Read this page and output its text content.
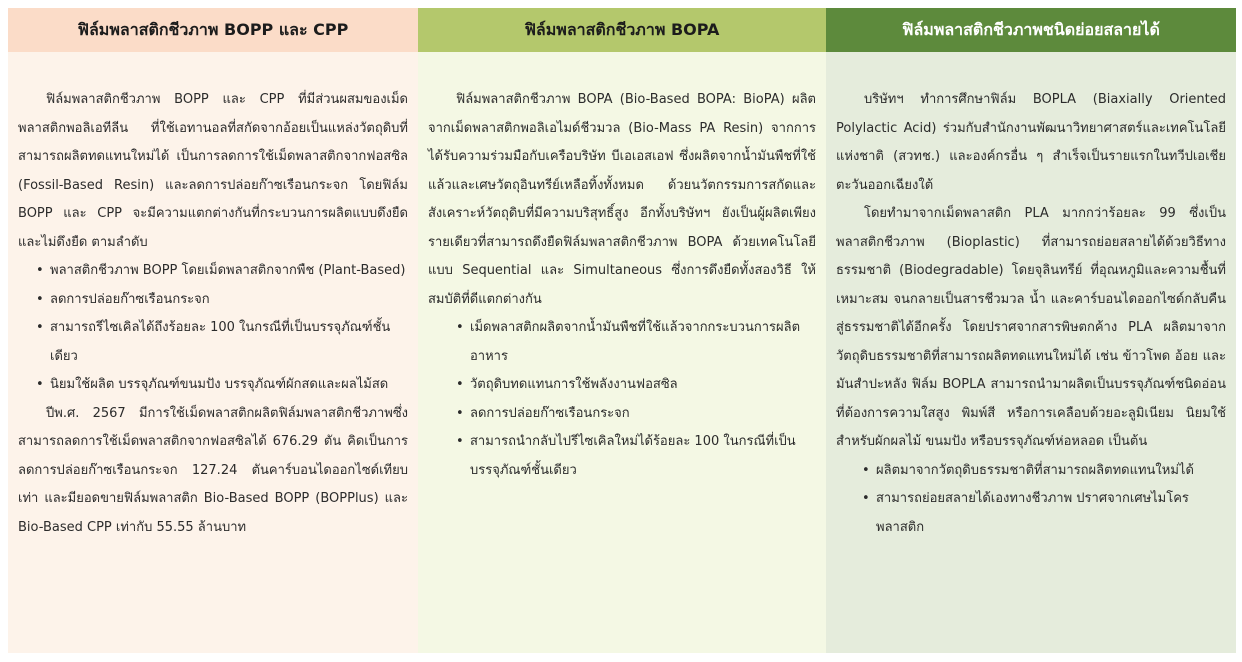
ฟิล์มพลาสติกชีวภาพ BOPP และ CPP

ฟิล์มพลาสติกชีวภาพ BOPP และ CPP ที่มีส่วนผสมของเม็ดพลาสติกพอลิเอทีลีน ที่ใช้เอทานอลที่สกัดจากอ้อยเป็นแหล่งวัตถุดิบที่สามารถผลิตทดแทนใหม่ได้ เป็นการลดการใช้เม็ดพลาสติกจากฟอสซิล (Fossil-Based Resin) และลดการปล่อยก๊าซเรือนกระจก โดยฟิล์ม BOPP และ CPP จะมีความแตกต่างกันที่กระบวนการผลิตแบบดึงยืดและไม่ดึงยืด ตามลำดับ

• พลาสติกชีวภาพ BOPP โดยเม็ดพลาสติกจากพืช (Plant-Based)
• ลดการปล่อยก๊าซเรือนกระจก
• สามารถรีไซเคิลได้ถึงร้อยละ 100 ในกรณีที่เป็นบรรจุภัณฑ์ชั้นเดียว
• นิยมใช้ผลิต บรรจุภัณฑ์ขนมปัง บรรจุภัณฑ์ผักสดและผลไม้สด

ปีพ.ศ. 2567 มีการใช้เม็ดพลาสติกผลิตฟิล์มพลาสติกชีวภาพซึ่งสามารถลดการใช้เม็ดพลาสติกจากฟอสซิลได้ 676.29 ตัน คิดเป็นการลดการปล่อยก๊าซเรือนกระจก 127.24 ตันคาร์บอนไดออกไซด์เทียบเท่า และมียอดขายฟิล์มพลาสติก Bio-Based BOPP (BOPPlus) และ Bio-Based CPP เท่ากับ 55.55 ล้านบาท

ฟิล์มพลาสติกชีวภาพ BOPA

ฟิล์มพลาสติกชีวภาพ BOPA (Bio-Based BOPA: BioPA) ผลิตจากเม็ดพลาสติกพอลิเอไมด์ชีวมวล (Bio-Mass PA Resin) จากการได้รับความร่วมมือกับเครือบริษัท บีเอเอสเอฟ ซึ่งผลิตจากน้ำมันพืชที่ใช้แล้วและเศษวัตถุอินทรีย์เหลือทิ้งทั้งหมด ด้วยนวัตกรรมการสกัดและสังเคราะห์วัตถุดิบที่มีความบริสุทธิ์สูง อีกทั้งบริษัทฯ ยังเป็นผู้ผลิตเพียงรายเดียวที่สามารถดึงยืดฟิล์มพลาสติกชีวภาพ BOPA ด้วยเทคโนโลยีแบบ Sequential และ Simultaneous ซึ่งการดึงยืดทั้งสองวิธี ให้สมบัติที่ดีแตกต่างกัน

• เม็ดพลาสติกผลิตจากน้ำมันพืชที่ใช้แล้วจากกระบวนการผลิตอาหาร
• วัตถุดิบทดแทนการใช้พลังงานฟอสซิล
• ลดการปล่อยก๊าซเรือนกระจก
• สามารถนำกลับไปรีไซเคิลใหม่ได้ร้อยละ 100 ในกรณีที่เป็นบรรจุภัณฑ์ชั้นเดียว
ฟิล์มพลาสติกชีวภาพชนิดย่อยสลายได้

บริษัทฯ ทำการศึกษาฟิล์ม BOPLA (Biaxially Oriented Polylactic Acid) ร่วมกับสำนักงานพัฒนาวิทยาศาสตร์และเทคโนโลยีแห่งชาติ (สวทช.) และองค์กรอื่น ๆ สำเร็จเป็นรายแรกในทวีปเอเชียตะวันออกเฉียงใต้

โดยทำมาจากเม็ดพลาสติก PLA มากกว่าร้อยละ 99 ซึ่งเป็นพลาสติกชีวภาพ (Bioplastic) ที่สามารถย่อยสลายได้ด้วยวิธีทางธรรมชาติ (Biodegradable) โดยจุลินทรีย์ ที่อุณหภูมิและความชื้นที่เหมาะสม จนกลายเป็นสารชีวมวล น้ำ และคาร์บอนไดออกไซด์กลับคืนสู่ธรรมชาติได้อีกครั้ง โดยปราศจากสารพิษตกค้าง PLA ผลิตมาจากวัตถุดิบธรรมชาติที่สามารถผลิตทดแทนใหม่ได้ เช่น ข้าวโพด อ้อย และมันสำปะหลัง ฟิล์ม BOPLA สามารถนำมาผลิตเป็นบรรจุภัณฑ์ชนิดอ่อนที่ต้องการความใสสูง พิมพ์สี หรือการเคลือบด้วยอะลูมิเนียม นิยมใช้สำหรับผักผลไม้ ขนมปัง หรือบรรจุภัณฑ์ห่อหลอด เป็นต้น

• ผลิตมาจากวัตถุดิบธรรมชาติที่สามารถผลิตทดแทนใหม่ได้
• สามารถย่อยสลายได้เองทางชีวภาพ ปราศจากเศษไมโครพลาสติก
